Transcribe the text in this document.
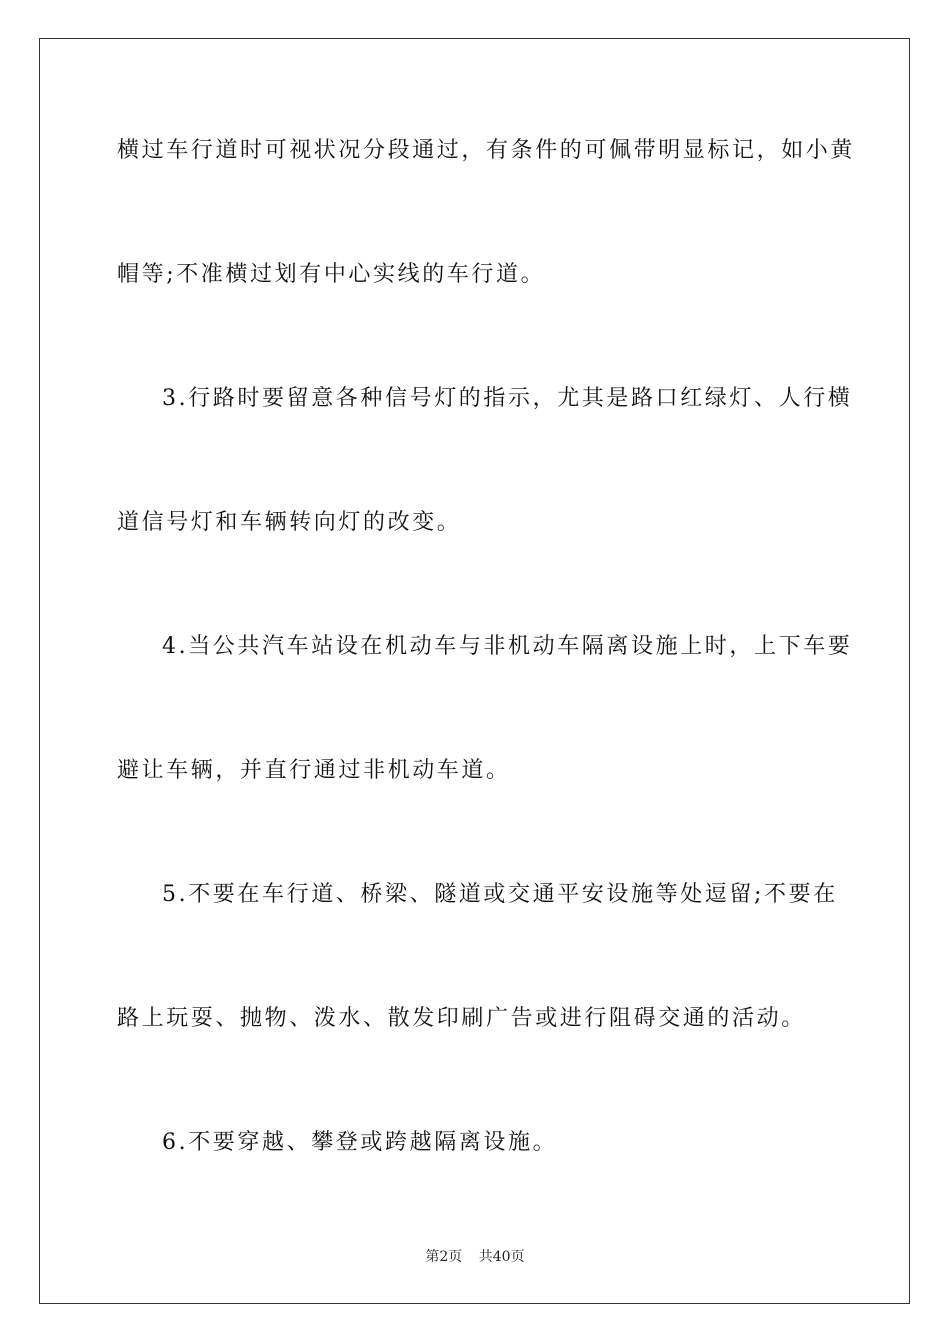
横过车行道时可视状况分段通过，有条件的可佩带明显标记，如小黄
帽等;不准横过划有中心实线的车行道。
3.行路时要留意各种信号灯的指示，尤其是路口红绿灯、人行横
道信号灯和车辆转向灯的改变。
4.当公共汽车站设在机动车与非机动车隔离设施上时，上下车要
避让车辆，并直行通过非机动车道。
5.不要在车行道、桥梁、隧道或交通平安设施等处逗留;不要在
路上玩耍、抛物、泼水、散发印刷广告或进行阻碍交通的活动。
6.不要穿越、攀登或跨越隔离设施。
第2页 共40页
